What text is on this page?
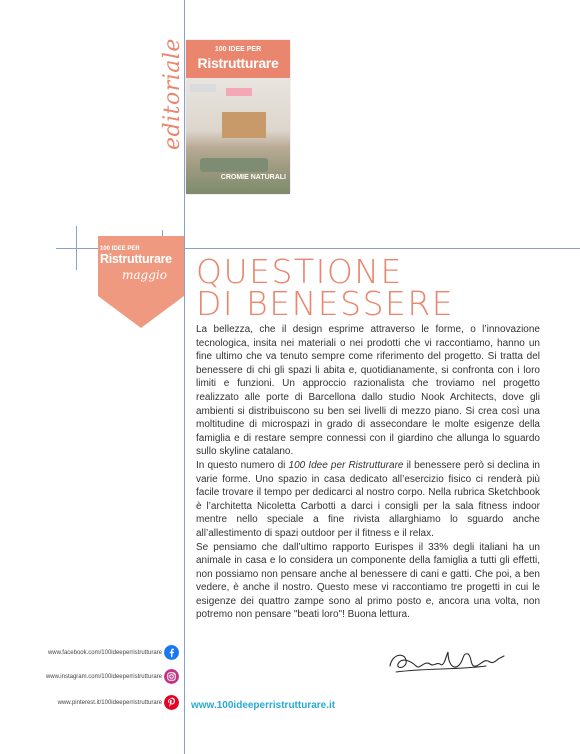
editoriale	100 IDEE PER
Ristrutturare
CROMIE NATURALI
100 IDEE PER
Ristrutturare
maggio QUESTIONE
DI BENESSERE

La bellezza, che il design esprime attraverso le forme, o l’innovazione tecnologica, insita nei materiali o nei prodotti che vi raccontiamo, hanno un fine ultimo che va tenuto sempre come riferimento del progetto. Si tratta del benessere di chi gli spazi li abita e, quotidianamente, si confronta con i loro limiti e funzioni. Un approccio razionalista che troviamo nel progetto realizzato alle porte di Barcellona dallo studio Nook Architects, dove gli ambienti si distribuiscono su ben sei livelli di mezzo piano. Si crea così una moltitudine di microspazi in grado di assecondare le molte esigenze della famiglia e di restare sempre connessi con il giardino che allunga lo sguardo sullo skyline catalano.

In questo numero di 100 Idee per Ristrutturare il benessere però si declina in varie forme. Uno spazio in casa dedicato all’esercizio fisico ci renderà più facile trovare il tempo per dedicarci al nostro corpo. Nella rubrica Sketchbook è l’architetta Nicoletta Carbotti a darci i consigli per la sala fitness indoor mentre nello speciale a fine rivista allarghiamo lo sguardo anche all’allestimento di spazi outdoor per il fitness e il relax.

Se pensiamo che dall’ultimo rapporto Eurispes il 33% degli italiani ha un animale in casa e lo considera un componente della famiglia a tutti gli effetti, non possiamo non pensare anche al benessere di cani e gatti. Che poi, a ben vedere, è anche il nostro. Questo mese vi raccontiamo tre progetti in cui le esigenze dei quattro zampe sono al primo posto e, ancora una volta, non potremo non pensare "beati loro"! Buona lettura.

www.facebook.com/100ideeperristrutturare
www.instagram.com/100ideeperristrutturare
www.pinterest.it/100ideeperristrutturare	www.100ideeperristrutturare.it
